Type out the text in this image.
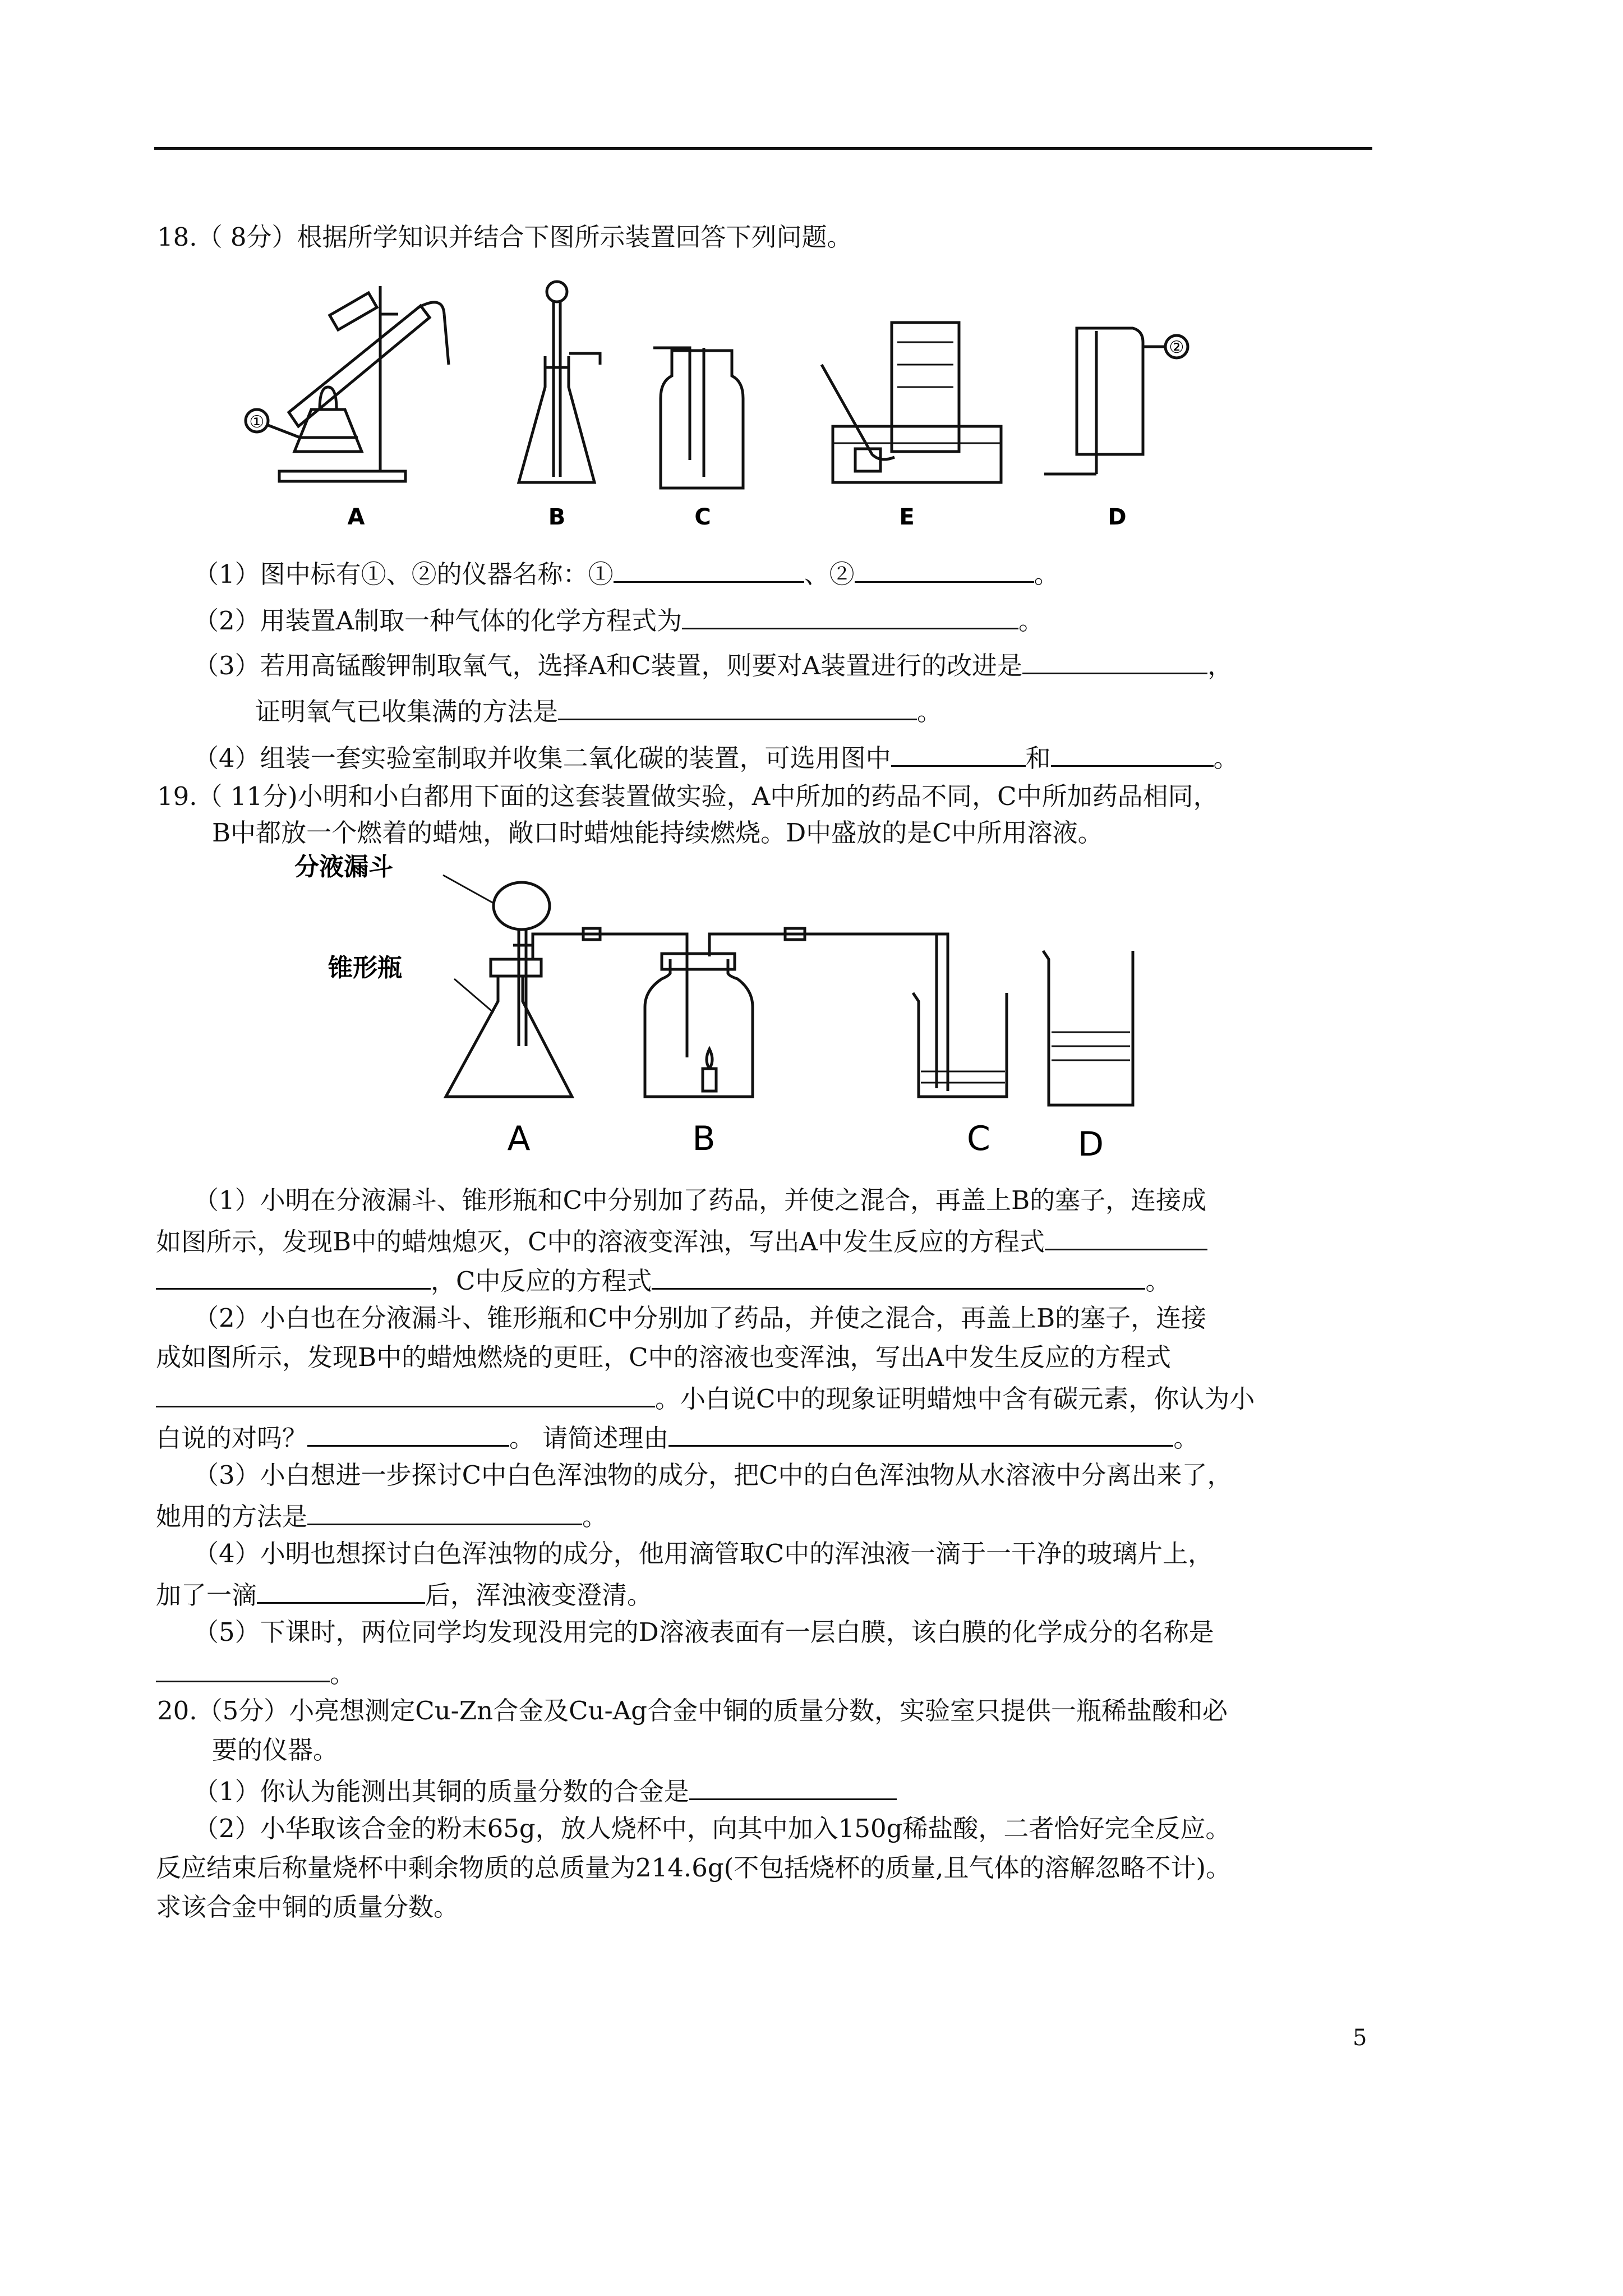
18.（ 8分）根据所学知识并结合下图所示装置回答下列问题。
①
②
A	B	C	E	D
（1）图中标有①、②的仪器名称：①	、②	。
（2）用装置A制取一种气体的化学方程式为	。
（3）若用高锰酸钾制取氧气，选择A和C装置，则要对A装置进行的改进是	，
证明氧气已收集满的方法是	。
（4）组装一套实验室制取并收集二氧化碳的装置，可选用图中	和	。
19.（ 11分)小明和小白都用下面的这套装置做实验，A中所加的药品不同，C中所加药品相同，
B中都放一个燃着的蜡烛，敞口时蜡烛能持续燃烧。D中盛放的是C中所用溶液。
分液漏斗
锥形瓶
A	B	C	D
（1）小明在分液漏斗、锥形瓶和C中分别加了药品，并使之混合，再盖上B的塞子，连接成
如图所示，发现B中的蜡烛熄灭，C中的溶液变浑浊，写出A中发生反应的方程式
，C中反应的方程式	。
（2）小白也在分液漏斗、锥形瓶和C中分别加了药品，并使之混合，再盖上B的塞子，连接
成如图所示，发现B中的蜡烛燃烧的更旺，C中的溶液也变浑浊，写出A中发生反应的方程式
。小白说C中的现象证明蜡烛中含有碳元素，你认为小
白说的对吗？	。 请简述理由	。
（3）小白想进一步探讨C中白色浑浊物的成分，把C中的白色浑浊物从水溶液中分离出来了，
她用的方法是	。
（4）小明也想探讨白色浑浊物的成分，他用滴管取C中的浑浊液一滴于一干净的玻璃片上，
加了一滴	后，浑浊液变澄清。
（5）下课时，两位同学均发现没用完的D溶液表面有一层白膜，该白膜的化学成分的名称是
。
20.（5分）小亮想测定Cu-Zn合金及Cu-Ag合金中铜的质量分数，实验室只提供一瓶稀盐酸和必
要的仪器。
（1）你认为能测出其铜的质量分数的合金是
（2）小华取该合金的粉末65g，放人烧杯中，向其中加入150g稀盐酸，二者恰好完全反应。
反应结束后称量烧杯中剩余物质的总质量为214.6g(不包括烧杯的质量,且气体的溶解忽略不计)。
求该合金中铜的质量分数。
5
